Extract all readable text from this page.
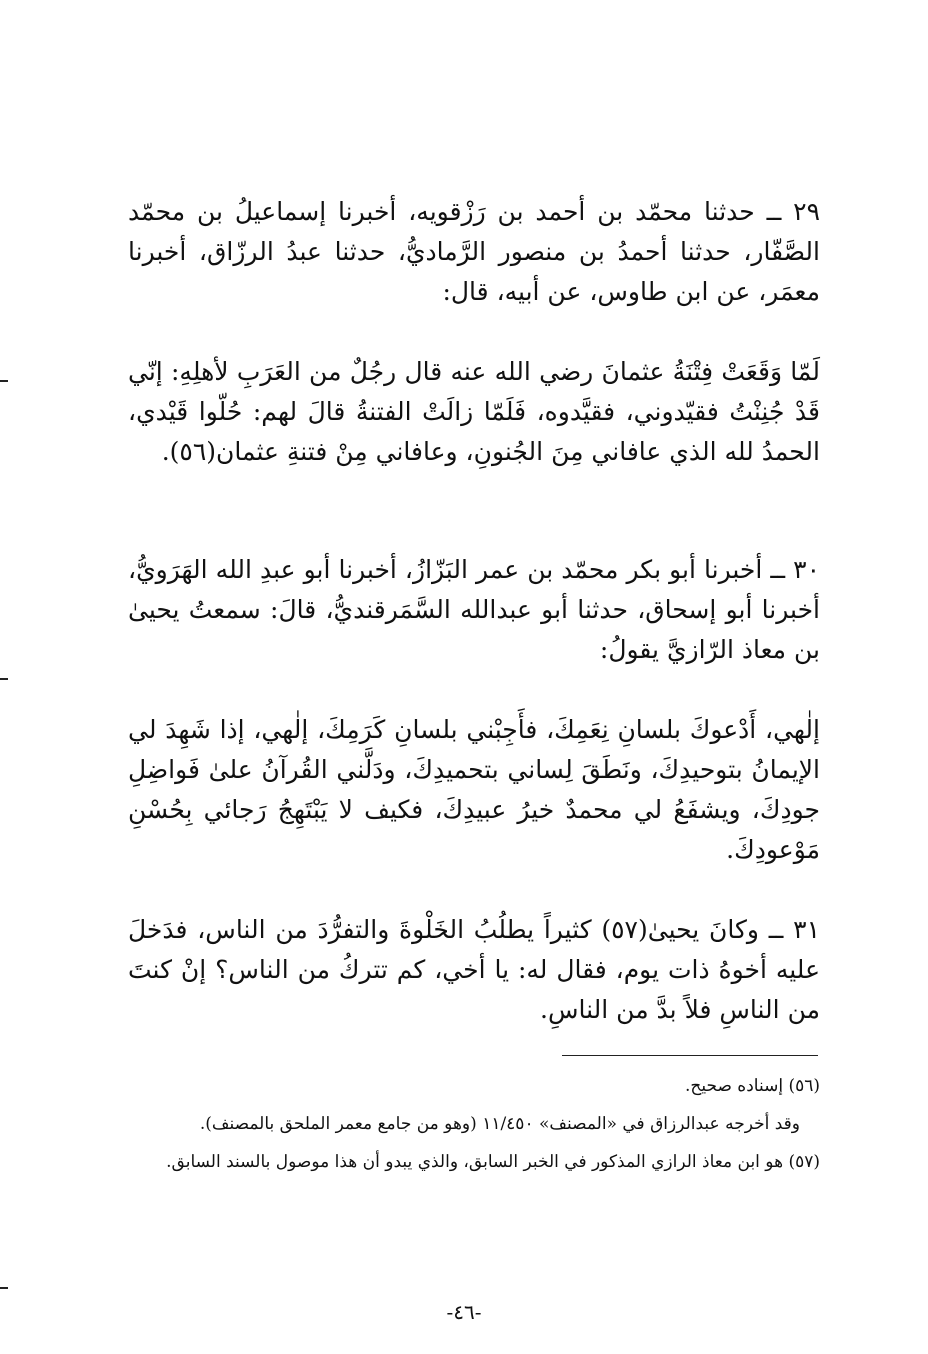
٢٩ ــ حدثنا محمّد بن أحمد بن رَزْقويه، أخبرنا إسماعيلُ بن محمّد الصَّفّار، حدثنا أحمدُ بن منصور الرَّماديُّ، حدثنا عبدُ الرزّاق، أخبرنا معمَر، عن ابن طاوس، عن أبيه، قال:

لَمّا وَقَعَتْ فِتْنَةُ عثمانَ رضي الله عنه قال رجُلٌ من العَرَبِ لأهلِهِ: إنّي قَدْ جُنِنْتُ فقيّدوني، فقيَّدوه، فَلَمّا زالَتْ الفتنةُ قالَ لهم: حُلّوا قَيْدي، الحمدُ لله الذي عافاني مِنَ الجُنونِ، وعافاني مِنْ فتنةِ عثمان(٥٦).

٣٠ ــ أخبرنا أبو بكر محمّد بن عمر البَزّازُ، أخبرنا أبو عبدِ الله الهَرَويُّ، أخبرنا أبو إسحاق، حدثنا أبو عبدالله السَّمَرقنديُّ، قالَ: سمعتُ يحيىٰ بن معاذ الرّازيَّ يقولُ:

إلٰهي، أَدْعوكَ بلسانِ نِعَمِكَ، فأَجِبْني بلسانِ كَرَمِكَ، إلٰهي، إذا شَهِدَ لي الإيمانُ بتوحيدِكَ، ونَطَقَ لِساني بتحميدِكَ، ودَلَّني القُرآنُ علىٰ فَواضِلِ جودِكَ، ويشفَعُ لي محمدٌ خيرُ عبيدِكَ، فكيف لا يَبْتَهِجُ رَجائي بِحُسْنِ مَوْعودِكَ.

٣١ ــ وكانَ يحيىٰ(٥٧) كثيراً يطلُبُ الخَلْوةَ والتفرُّدَ من الناس، فدَخلَ عليه أخوهُ ذات يوم، فقال له: يا أخي، كم تتركُ من الناس؟ إنْ كنتَ من الناسِ فلاً بدَّ من الناسِ.

(٥٦) إسناده صحيح.

وقد أخرجه عبدالرزاق في «المصنف» ١١/٤٥٠ (وهو من جامع معمر الملحق بالمصنف).

(٥٧) هو ابن معاذ الرازي المذكور في الخبر السابق، والذي يبدو أن هذا موصول بالسند السابق.

-٤٦-
